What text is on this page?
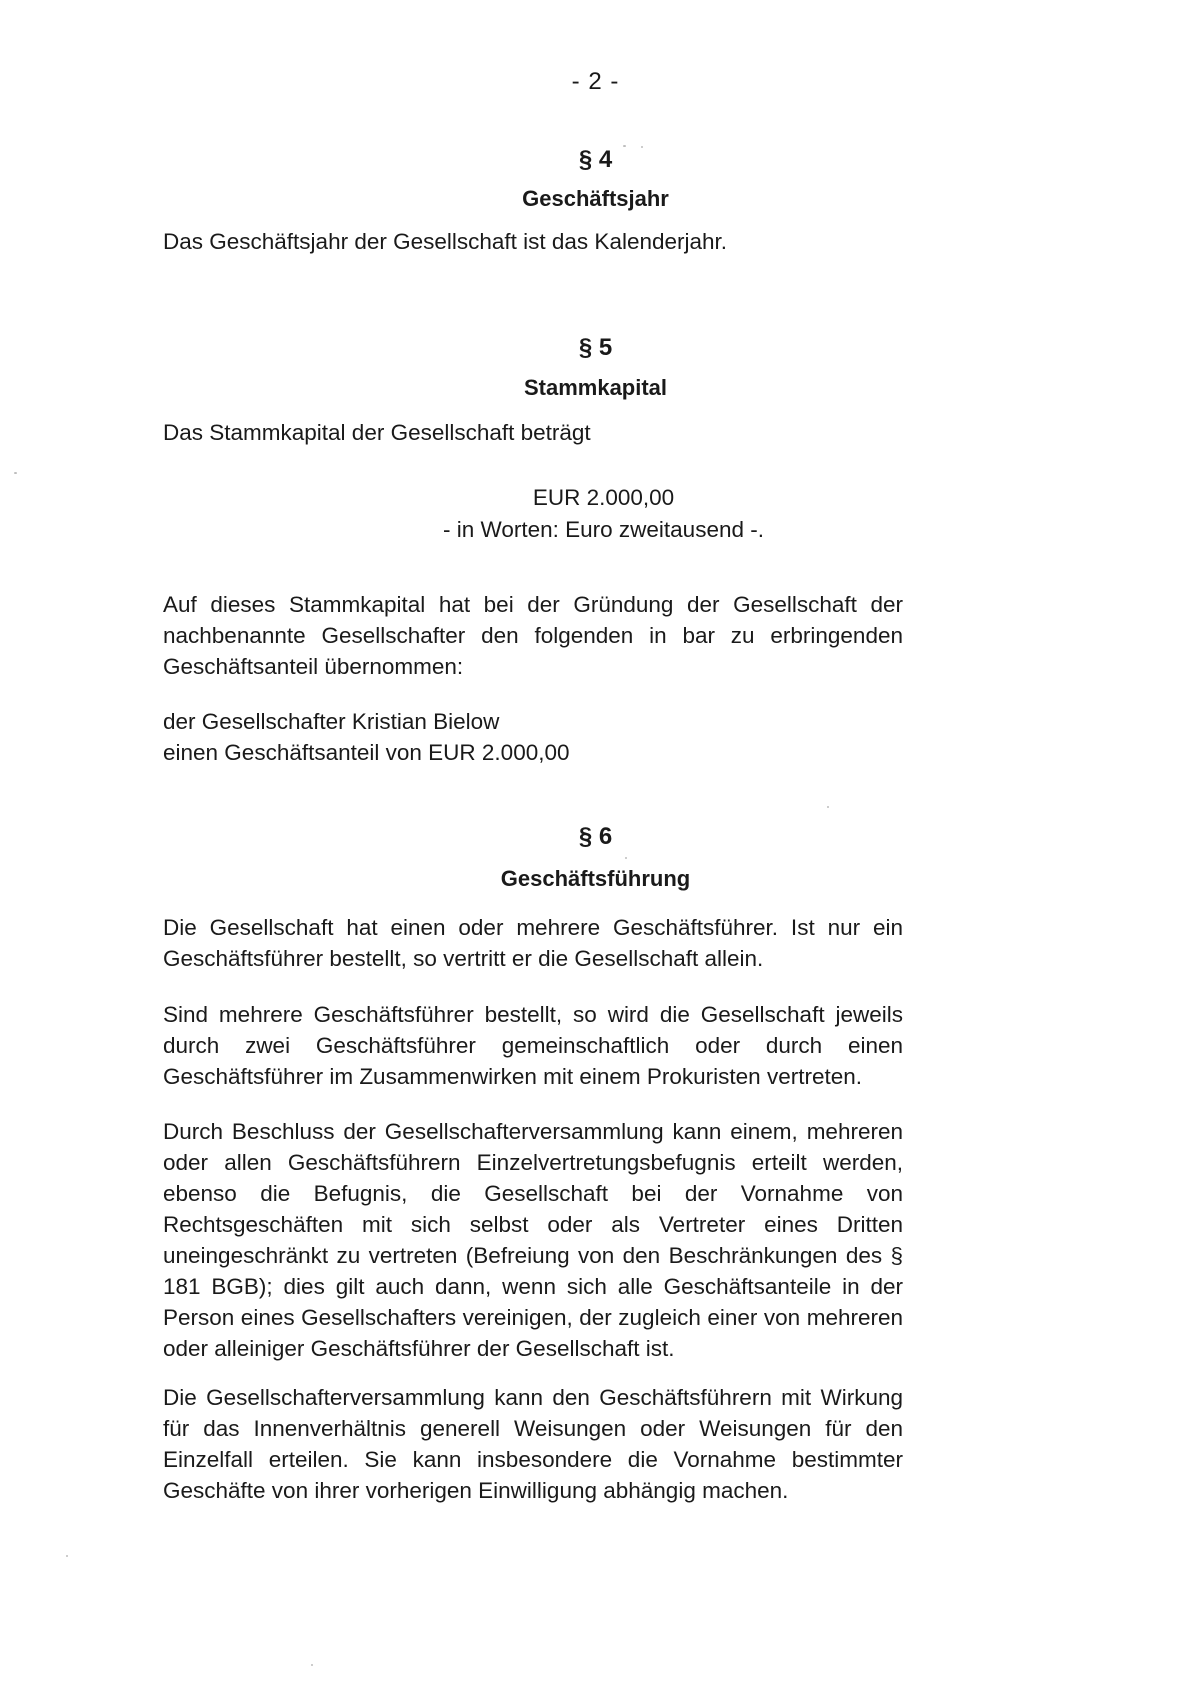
- 2 -
§ 4
Geschäftsjahr
Das Geschäftsjahr der Gesellschaft ist das Kalenderjahr.
§ 5
Stammkapital
Das Stammkapital der Gesellschaft beträgt
EUR 2.000,00
- in Worten: Euro zweitausend -.
Auf dieses Stammkapital hat bei der Gründung der Gesellschaft der nachbenannte Gesellschafter den folgenden in bar zu erbringenden Geschäftsanteil übernommen:
der Gesellschafter Kristian Bielow
einen Geschäftsanteil von EUR 2.000,00
§ 6
Geschäftsführung
Die Gesellschaft hat einen oder mehrere Geschäftsführer. Ist nur ein Geschäftsführer bestellt, so vertritt er die Gesellschaft allein.
Sind mehrere Geschäftsführer bestellt, so wird die Gesellschaft jeweils durch zwei Geschäftsführer gemeinschaftlich oder durch einen Geschäftsführer im Zusammenwirken mit einem Prokuristen vertreten.
Durch Beschluss der Gesellschafterversammlung kann einem, mehreren oder allen Geschäftsführern Einzelvertretungsbefugnis erteilt werden, ebenso die Befugnis, die Gesellschaft bei der Vornahme von Rechtsgeschäften mit sich selbst oder als Vertreter eines Dritten uneingeschränkt zu vertreten (Befreiung von den Beschränkungen des § 181 BGB); dies gilt auch dann, wenn sich alle Geschäftsanteile in der Person eines Gesellschafters vereinigen, der zugleich einer von mehreren oder alleiniger Geschäftsführer der Gesellschaft ist.
Die Gesellschafterversammlung kann den Geschäftsführern mit Wirkung für das Innenverhältnis generell Weisungen oder Weisungen für den Einzelfall erteilen. Sie kann insbesondere die Vornahme bestimmter Geschäfte von ihrer vorherigen Einwilligung abhängig machen.
